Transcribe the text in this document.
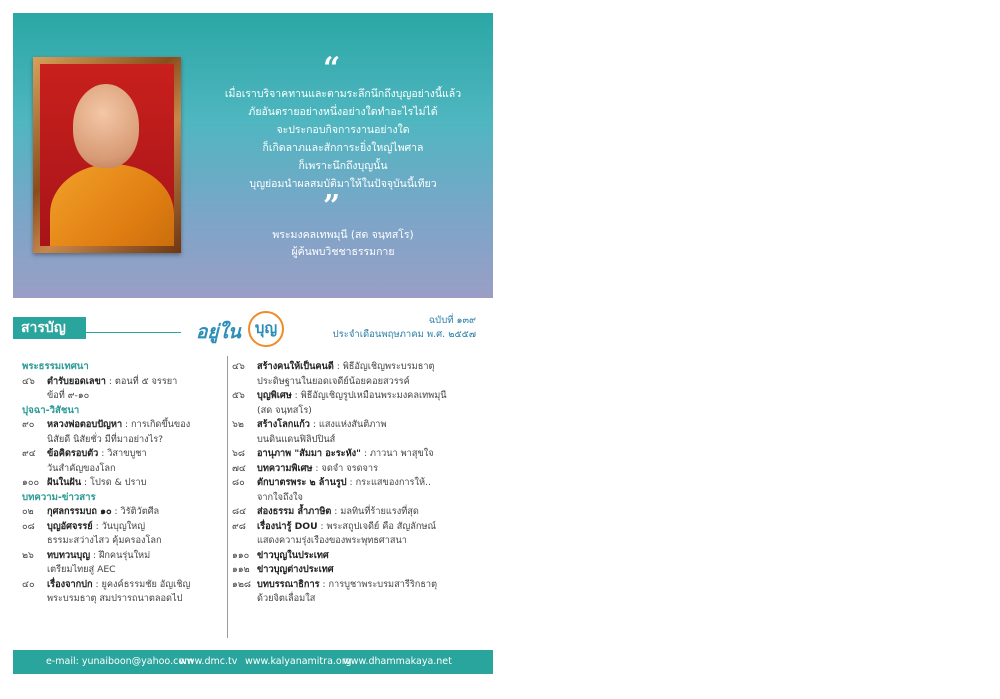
“
เมื่อเราบริจาคทานและตามระลึกนึกถึงบุญอย่างนี้แล้ว
ภัยอันตรายอย่างหนึ่งอย่างใดทำอะไรไม่ได้
จะประกอบกิจการงานอย่างใด
ก็เกิดลาภและสักการะยิ่งใหญ่ไพศาล
ก็เพราะนึกถึงบุญนั้น
บุญย่อมนำผลสมบัติมาให้ในปัจจุบันนี้เทียว
”
พระมงคลเทพมุนี (สด จนฺทสโร)
ผู้ค้นพบวิชชาธรรมกาย
สารบัญ	อยู่ใน บุญ	ฉบับที่ ๑๓๙
ประจำเดือนพฤษภาคม พ.ศ. ๒๕๕๗
พระธรรมเทศนา
๔๖	ตำรับยอดเลขา : ตอนที่ ๕ จรรยา
ข้อที่ ๙-๑๐
ปุจฉา-วิสัชนา
๙๐	หลวงพ่อตอบปัญหา : การเกิดขึ้นของ
นิสัยดี นิสัยชั่ว มีที่มาอย่างไร?
๙๔	ข้อคิดรอบตัว : วิสาขบูชา
วันสำคัญของโลก
๑๐๐ ฝันในฝัน : โปรด & ปราบ
บทความ-ข่าวสาร
๐๒	กุศลกรรมบถ ๑๐ : วิรัติวัตศีล
๐๘	บุญอัศจรรย์ : วันบุญใหญ่
ธรรมะสว่างไสว คุ้มครองโลก
๒๖	ทบทวนบุญ : ฝึกคนรุ่นใหม่
เตรียมไทยสู่ AEC
๔๐	เรื่องจากปก : ยูคงค์ธรรมชัย อัญเชิญ
พระบรมธาตุ สมปรารถนาตลอดไป
๔๖	สร้างคนให้เป็นคนดี : พิธีอัญเชิญพระบรมธาตุ
ประดิษฐานในยอดเจดีย์น้อยคอยสวรรค์
๕๖	บุญพิเศษ : พิธีอัญเชิญรูปเหมือนพระมงคลเทพมุนี
(สด จนฺทสโร)
๖๒	สร้างโลกแก้ว : แสงแห่งสันติภาพ
บนดินแดนฟิลิปปินส์
๖๘	อานุภาพ "สัมมา อะระหัง" : ภาวนา พาสุขใจ
๗๔	บทความพิเศษ : จดจำ จรดจาร
๘๐	ตักบาตรพระ ๒ ล้านรูป : กระแสของการให้..
จากใจถึงใจ
๘๔	ส่องธรรม ล้ำภาษิต : มลทินที่ร้ายแรงที่สุด
๙๘	เรื่องน่ารู้ DOU : พระสถูปเจดีย์ คือ สัญลักษณ์
แสดงความรุ่งเรืองของพระพุทธศาสนา
๑๑๐ ข่าวบุญในประเทศ
๑๑๒ ข่าวบุญต่างประเทศ
๑๒๘ บทบรรณาธิการ : การบูชาพระบรมสารีริกธาตุ
ด้วยจิตเลื่อมใส
e-mail: yunaiboon@yahoo.com
www.dmc.tv www.kalyanamitra.org
www.dhammakaya.net
